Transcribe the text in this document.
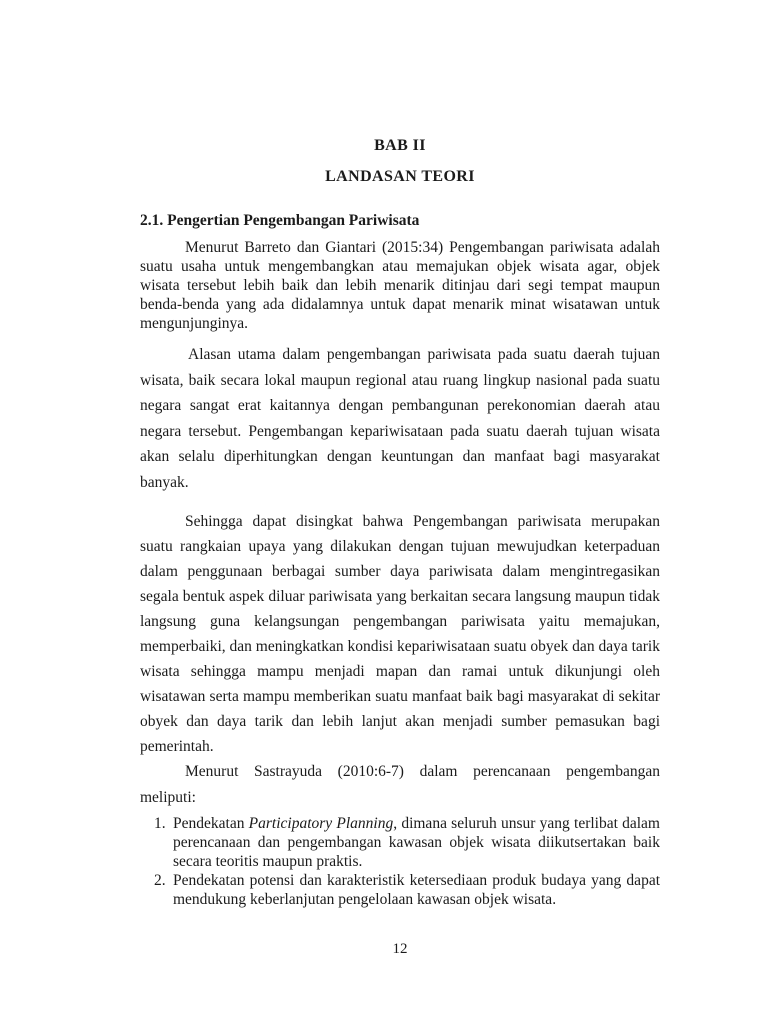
BAB II
LANDASAN TEORI
2.1. Pengertian Pengembangan Pariwisata

Menurut Barreto dan Giantari (2015:34) Pengembangan pariwisata adalah suatu usaha untuk mengembangkan atau memajukan objek wisata agar, objek wisata tersebut lebih baik dan lebih menarik ditinjau dari segi tempat maupun benda-benda yang ada didalamnya untuk dapat menarik minat wisatawan untuk mengunjunginya.

Alasan utama dalam pengembangan pariwisata pada suatu daerah tujuan wisata, baik secara lokal maupun regional atau ruang lingkup nasional pada suatu negara sangat erat kaitannya dengan pembangunan perekonomian daerah atau negara tersebut. Pengembangan kepariwisataan pada suatu daerah tujuan wisata akan selalu diperhitungkan dengan keuntungan dan manfaat bagi masyarakat banyak.

Sehingga dapat disingkat bahwa Pengembangan pariwisata merupakan suatu rangkaian upaya yang dilakukan dengan tujuan mewujudkan keterpaduan dalam penggunaan berbagai sumber daya pariwisata dalam mengintregasikan segala bentuk aspek diluar pariwisata yang berkaitan secara langsung maupun tidak langsung guna kelangsungan pengembangan pariwisata yaitu memajukan, memperbaiki, dan meningkatkan kondisi kepariwisataan suatu obyek dan daya tarik wisata sehingga mampu menjadi mapan dan ramai untuk dikunjungi oleh wisatawan serta mampu memberikan suatu manfaat baik bagi masyarakat di sekitar obyek dan daya tarik dan lebih lanjut akan menjadi sumber pemasukan bagi pemerintah.

Menurut Sastrayuda (2010:6-7) dalam perencanaan pengembangan meliputi:

1. Pendekatan Participatory Planning, dimana seluruh unsur yang terlibat dalam perencanaan dan pengembangan kawasan objek wisata diikutsertakan baik secara teoritis maupun praktis.
2. Pendekatan potensi dan karakteristik ketersediaan produk budaya yang dapat mendukung keberlanjutan pengelolaan kawasan objek wisata.
12
